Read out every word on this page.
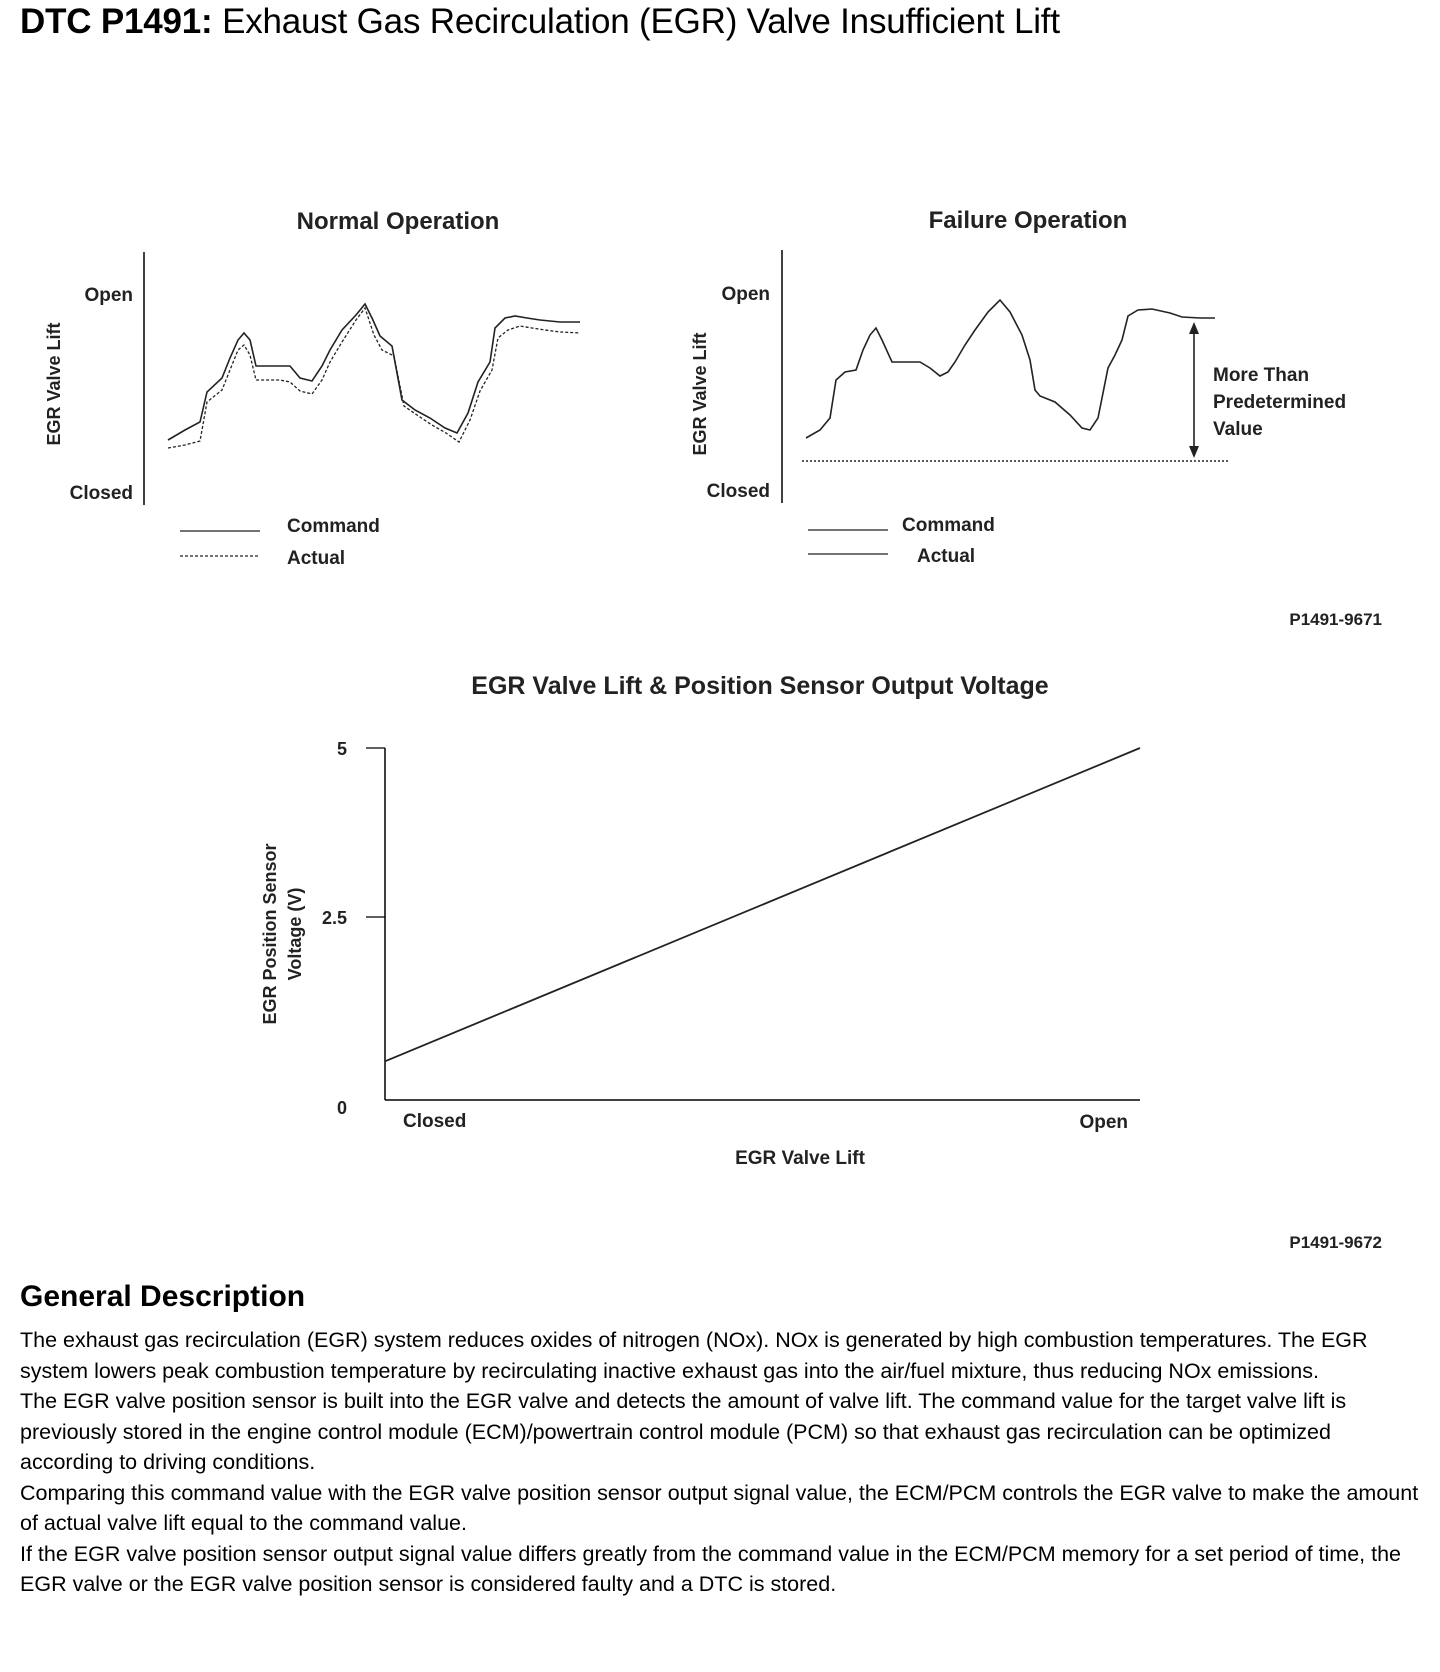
DTC P1491: Exhaust Gas Recirculation (EGR) Valve Insufficient Lift
Normal Operation
Open
Closed
EGR Valve Lift
Command
Actual
Failure Operation
Open
Closed
EGR Valve Lift	More Than
Predetermined
Value
Command
Actual
P1491-9671
EGR Valve Lift & Position Sensor Output Voltage
5
2.5
0
EGR Position Sensor Voltage (V)
Closed	Open
EGR Valve Lift
P1491-9672
General Description

The exhaust gas recirculation (EGR) system reduces oxides of nitrogen (NOx). NOx is generated by high combustion temperatures. The EGR system lowers peak combustion temperature by recirculating inactive exhaust gas into the air/fuel mixture, thus reducing NOx emissions.

The EGR valve position sensor is built into the EGR valve and detects the amount of valve lift. The command value for the target valve lift is previously stored in the engine control module (ECM)/powertrain control module (PCM) so that exhaust gas recirculation can be optimized according to driving conditions.

Comparing this command value with the EGR valve position sensor output signal value, the ECM/PCM controls the EGR valve to make the amount of actual valve lift equal to the command value.

If the EGR valve position sensor output signal value differs greatly from the command value in the ECM/PCM memory for a set period of time, the EGR valve or the EGR valve position sensor is considered faulty and a DTC is stored.
